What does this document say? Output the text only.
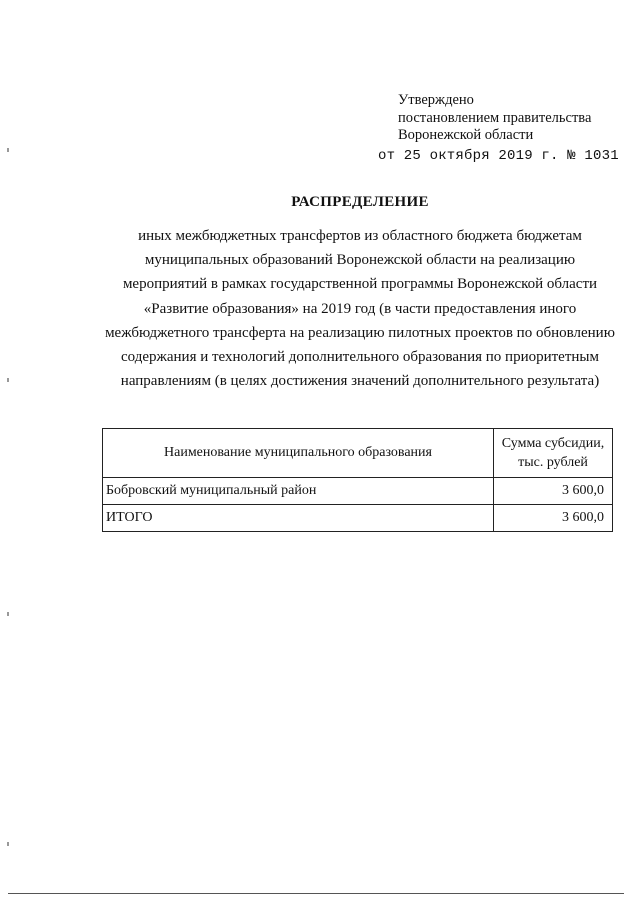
Утверждено
постановлением правительства
Воронежской области
от 25 октября 2019 г. № 1031
РАСПРЕДЕЛЕНИЕ
иных межбюджетных трансфертов из областного бюджета бюджетам
муниципальных образований Воронежской области на реализацию
мероприятий в рамках государственной программы Воронежской области
«Развитие образования» на 2019 год (в части предоставления иного
межбюджетного трансферта на реализацию пилотных проектов по обновлению
содержания и технологий дополнительного образования по приоритетным
направлениям (в целях достижения значений дополнительного результата)
Наименование муниципального образования	Сумма субсидии,
тыс. рублей

Бобровский муниципальный район	3 600,0
ИТОГО	3 600,0
